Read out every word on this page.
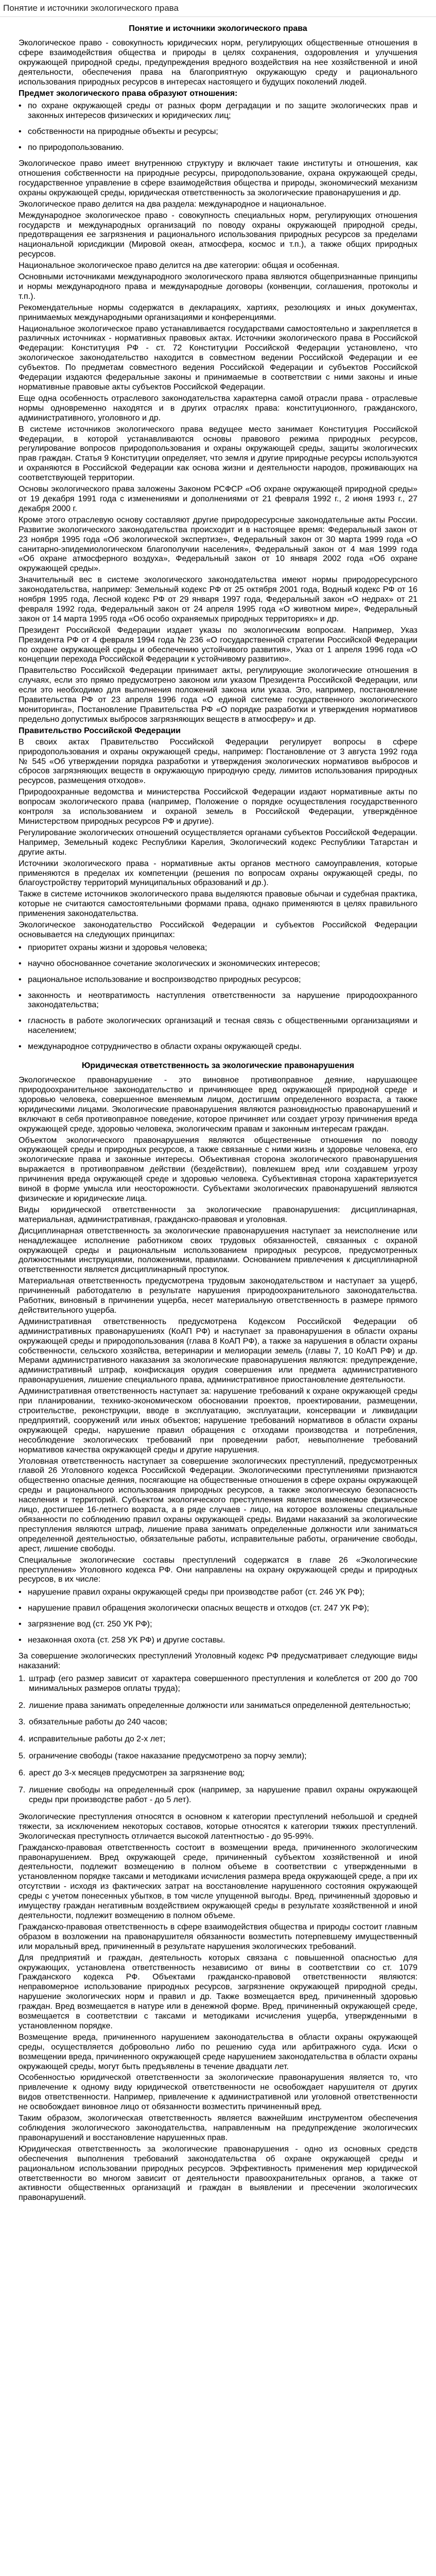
Понятие и источники экологического права
Понятие и источники экологического права
Экологическое право - совокупность юридических норм, регулирующих общественные отношения в сфере взаимодействия общества и природы в целях сохранения, оздоровления и улучшения окружающей природной среды, предупреждения вредного воздействия на нее хозяйственной и иной деятельности, обеспечения права на благоприятную окружающую среду и рационального использования природных ресурсов в интересах настоящего и будущих поколений людей.
Предмет экологического права образуют отношения:
• по охране окружающей среды от разных форм деградации и по защите экологических прав и законных интересов физических и юридических лиц;
• собственности на природные объекты и ресурсы;
• по природопользованию.
Экологическое право имеет внутреннюю структуру и включает такие институты и отношения, как отношения собственности на природные ресурсы, природопользование, охрана окружающей среды, государственное управление в сфере взаимодействия общества и природы, экономический механизм охраны окружающей среды, юридическая ответственность за экологические правонарушения и др.
Экологическое право делится на два раздела: международное и национальное.
Международное экологическое право - совокупность специальных норм, регулирующих отношения государств и международных организаций по поводу охраны окружающей природной среды, предотвращения ее загрязнения и рационального использования природных ресурсов за пределами национальной юрисдикции (Мировой океан, атмосфера, космос и т.п.), а также общих природных ресурсов.
Национальное экологическое право делится на две категории: общая и особенная.
Основными источниками международного экологического права являются общепризнанные принципы и нормы международного права и международные договоры (конвенции, соглашения, протоколы и т.п.).
Рекомендательные нормы содержатся в декларациях, хартиях, резолюциях и иных документах, принимаемых международными организациями и конференциями.
Национальное экологическое право устанавливается государствами самостоятельно и закрепляется в различных источниках - нормативных правовых актах. Источники экологического права в Российской Федерации: Конституция РФ - ст. 72 Конституции Российской Федерации установлено, что экологическое законодательство находится в совместном ведении Российской Федерации и ее субъектов. По предметам совместного ведения Российской Федерации и субъектов Российской Федерации издаются федеральные законы и принимаемые в соответствии с ними законы и иные нормативные правовые акты субъектов Российской Федерации.
Еще одна особенность отраслевого законодательства характерна самой отрасли права - отраслевые нормы одновременно находятся и в других отраслях права: конституционного, гражданского, административного, уголовного и др.
В системе источников экологического права ведущее место занимает Конституция Российской Федерации, в которой устанавливаются основы правового режима природных ресурсов, регулирование вопросов природопользования и охраны окружающей среды, защиты экологических прав граждан. Статья 9 Конституции определяет, что земля и другие природные ресурсы используются и охраняются в Российской Федерации как основа жизни и деятельности народов, проживающих на соответствующей территории.
Основы экологического права заложены Законом РСФСР «Об охране окружающей природной среды» от 19 декабря 1991 года с изменениями и дополнениями от 21 февраля 1992 г., 2 июня 1993 г., 27 декабря 2000 г.
Кроме этого отраслевую основу составляют другие природоресурсные законодательные акты России. Развитие экологического законодательства происходит и в настоящее время: Федеральный закон от 23 ноября 1995 года «Об экологической экспертизе», Федеральный закон от 30 марта 1999 года «О санитарно-эпидемиологическом благополучии населения», Федеральный закон от 4 мая 1999 года «Об охране атмосферного воздуха», Федеральный закон от 10 января 2002 года «Об охране окружающей среды».
Значительный вес в системе экологического законодательства имеют нормы природоресурсного законодательства, например: Земельный кодекс РФ от 25 октября 2001 года, Водный кодекс РФ от 16 ноября 1995 года, Лесной кодекс РФ от 29 января 1997 года, Федеральный закон «О недрах» от 21 февраля 1992 года, Федеральный закон от 24 апреля 1995 года «О животном мире», Федеральный закон от 14 марта 1995 года «Об особо охраняемых природных территориях» и др.
Президент Российской Федерации издает указы по экологическим вопросам. Например, Указ Президента РФ от 4 февраля 1994 года № 236 «О государственной стратегии Российской Федерации по охране окружающей среды и обеспечению устойчивого развития», Указ от 1 апреля 1996 года «О концепции перехода Российской Федерации к устойчивому развитию».
Правительство Российской Федерации принимает акты, регулирующие экологические отношения в случаях, если это прямо предусмотрено законом или указом Президента Российской Федерации, или если это необходимо для выполнения положений закона или указа. Это, например, постановление Правительства РФ от 23 апреля 1996 года «О единой системе государственного экологического мониторинга», Постановление Правительства РФ «О порядке разработки и утверждения нормативов предельно допустимых выбросов загрязняющих веществ в атмосферу» и др.
Правительство Российской Федерации
В своих актах Правительство Российской Федерации регулирует вопросы в сфере природопользования и охраны окружающей среды, например: Постановление от 3 августа 1992 года № 545 «Об утверждении порядка разработки и утверждения экологических нормативов выбросов и сбросов загрязняющих веществ в окружающую природную среду, лимитов использования природных ресурсов, размещения отходов».
Природоохранные ведомства и министерства Российской Федерации издают нормативные акты по вопросам экологического права (например, Положение о порядке осуществления государственного контроля за использованием и охраной земель в Российской Федерации, утверждённое Министерством природных ресурсов РФ и другие).
Регулирование экологических отношений осуществляется органами субъектов Российской Федерации. Например, Земельный кодекс Республики Карелия, Экологический кодекс Республики Татарстан и другие акты.
Источники экологического права - нормативные акты органов местного самоуправления, которые применяются в пределах их компетенции (решения по вопросам охраны окружающей среды, по благоустройству территорий муниципальных образований и др.).
Также в системе источников экологического права выделяются правовые обычаи и судебная практика, которые не считаются самостоятельными формами права, однако применяются в целях правильного применения законодательства.
Экологическое законодательство Российской Федерации и субъектов Российской Федерации основывается на следующих принципах:
• приоритет охраны жизни и здоровья человека;
• научно обоснованное сочетание экологических и экономических интересов;
• рациональное использование и воспроизводство природных ресурсов;
• законность и неотвратимость наступления ответственности за нарушение природоохранного законодательства;
• гласность в работе экологических организаций и тесная связь с общественными организациями и населением;
• международное сотрудничество в области охраны окружающей среды.
Юридическая ответственность за экологические правонарушения
Экологическое правонарушение - это виновное противоправное деяние, нарушающее природоохранительное законодательство и причиняющее вред окружающей природной среде и здоровью человека, совершенное вменяемым лицом, достигшим определенного возраста, а также юридическими лицами. Экологические правонарушения являются разновидностью правонарушений и включают в себя противоправное поведение, которое причиняет или создает угрозу причинения вреда окружающей среде, здоровью человека, экологическим правам и законным интересам граждан.
Объектом экологического правонарушения являются общественные отношения по поводу окружающей среды и природных ресурсов, а также связанные с ними жизнь и здоровье человека, его экологические права и законные интересы. Объективная сторона экологического правонарушения выражается в противоправном действии (бездействии), повлекшем вред или создавшем угрозу причинения вреда окружающей среде и здоровью человека. Субъективная сторона характеризуется виной в форме умысла или неосторожности. Субъектами экологических правонарушений являются физические и юридические лица.
Виды юридической ответственности за экологические правонарушения: дисциплинарная, материальная, административная, гражданско-правовая и уголовная.
Дисциплинарная ответственность за экологические правонарушения наступает за неисполнение или ненадлежащее исполнение работником своих трудовых обязанностей, связанных с охраной окружающей среды и рациональным использованием природных ресурсов, предусмотренных должностными инструкциями, положениями, правилами. Основанием привлечения к дисциплинарной ответственности является дисциплинарный проступок.
Материальная ответственность предусмотрена трудовым законодательством и наступает за ущерб, причиненный работодателю в результате нарушения природоохранительного законодательства. Работник, виновный в причинении ущерба, несет материальную ответственность в размере прямого действительного ущерба.
Административная ответственность предусмотрена Кодексом Российской Федерации об административных правонарушениях (КоАП РФ) и наступает за правонарушения в области охраны окружающей среды и природопользования (глава 8 КоАП РФ), а также за нарушения в области охраны собственности, сельского хозяйства, ветеринарии и мелиорации земель (главы 7, 10 КоАП РФ) и др. Мерами административного наказания за экологические правонарушения являются: предупреждение, административный штраф, конфискация орудия совершения или предмета административного правонарушения, лишение специального права, административное приостановление деятельности.
Административная ответственность наступает за: нарушение требований к охране окружающей среды при планировании, технико-экономическом обосновании проектов, проектировании, размещении, строительстве, реконструкции, вводе в эксплуатацию, эксплуатации, консервации и ликвидации предприятий, сооружений или иных объектов; нарушение требований нормативов в области охраны окружающей среды, нарушение правил обращения с отходами производства и потребления, несоблюдение экологических требований при проведении работ, невыполнение требований нормативов качества окружающей среды и другие нарушения.
Уголовная ответственность наступает за совершение экологических преступлений, предусмотренных главой 26 Уголовного кодекса Российской Федерации. Экологическими преступлениями признаются общественно опасные деяния, посягающие на общественные отношения в сфере охраны окружающей среды и рационального использования природных ресурсов, а также экологическую безопасность населения и территорий. Субъектом экологического преступления является вменяемое физическое лицо, достигшее 16-летнего возраста, а в ряде случаев - лицо, на которое возложены специальные обязанности по соблюдению правил охраны окружающей среды. Видами наказаний за экологические преступления являются штраф, лишение права занимать определенные должности или заниматься определенной деятельностью, обязательные работы, исправительные работы, ограничение свободы, арест, лишение свободы.
Специальные экологические составы преступлений содержатся в главе 26 «Экологические преступления» Уголовного кодекса РФ. Они направлены на охрану окружающей среды и природных ресурсов, в их числе:
• нарушение правил охраны окружающей среды при производстве работ (ст. 246 УК РФ);
• нарушение правил обращения экологически опасных веществ и отходов (ст. 247 УК РФ);
• загрязнение вод (ст. 250 УК РФ);
• незаконная охота (ст. 258 УК РФ) и другие составы.
За совершение экологических преступлений Уголовный кодекс РФ предусматривает следующие виды наказаний:
1. штраф (его размер зависит от характера совершенного преступления и колеблется от 200 до 700 минимальных размеров оплаты труда);
2. лишение права занимать определенные должности или заниматься определенной деятельностью;
3. обязательные работы до 240 часов;
4. исправительные работы до 2-х лет;
5. ограничение свободы (такое наказание предусмотрено за порчу земли);
6. арест до 3-х месяцев предусмотрен за загрязнение вод;
7. лишение свободы на определенный срок (например, за нарушение правил охраны окружающей среды при производстве работ - до 5 лет).
Экологические преступления относятся в основном к категории преступлений небольшой и средней тяжести, за исключением некоторых составов, которые относятся к категории тяжких преступлений. Экологическая преступность отличается высокой латентностью - до 95-99%.
Гражданско-правовая ответственность состоит в возмещении вреда, причиненного экологическим правонарушением. Вред окружающей среде, причиненный субъектом хозяйственной и иной деятельности, подлежит возмещению в полном объеме в соответствии с утвержденными в установленном порядке таксами и методиками исчисления размера вреда окружающей среде, а при их отсутствии - исходя из фактических затрат на восстановление нарушенного состояния окружающей среды с учетом понесенных убытков, в том числе упущенной выгоды. Вред, причиненный здоровью и имуществу граждан негативным воздействием окружающей среды в результате хозяйственной и иной деятельности, подлежит возмещению в полном объеме.
Гражданско-правовая ответственность в сфере взаимодействия общества и природы состоит главным образом в возложении на правонарушителя обязанности возместить потерпевшему имущественный или моральный вред, причиненный в результате нарушения экологических требований.
Для предприятий и граждан, деятельность которых связана с повышенной опасностью для окружающих, установлена ответственность независимо от вины в соответствии со ст. 1079 Гражданского кодекса РФ. Объектами гражданско-правовой ответственности являются: неправомерное использование природных ресурсов, загрязнение окружающей природной среды, нарушение экологических норм и правил и др. Также возмещается вред, причиненный здоровью граждан. Вред возмещается в натуре или в денежной форме. Вред, причиненный окружающей среде, возмещается в соответствии с таксами и методиками исчисления ущерба, утвержденными в установленном порядке.
Возмещение вреда, причиненного нарушением законодательства в области охраны окружающей среды, осуществляется добровольно либо по решению суда или арбитражного суда. Иски о возмещении вреда, причиненного окружающей среде нарушением законодательства в области охраны окружающей среды, могут быть предъявлены в течение двадцати лет.
Особенностью юридической ответственности за экологические правонарушения является то, что привлечение к одному виду юридической ответственности не освобождает нарушителя от других видов ответственности. Например, привлечение к административной или уголовной ответственности не освобождает виновное лицо от обязанности возместить причиненный вред.
Таким образом, экологическая ответственность является важнейшим инструментом обеспечения соблюдения экологического законодательства, направленным на предупреждение экологических правонарушений и восстановление нарушенных прав.
Юридическая ответственность за экологические правонарушения - одно из основных средств обеспечения выполнения требований законодательства об охране окружающей среды и рациональном использовании природных ресурсов. Эффективность применения мер юридической ответственности во многом зависит от деятельности правоохранительных органов, а также от активности общественных организаций и граждан в выявлении и пресечении экологических правонарушений.
